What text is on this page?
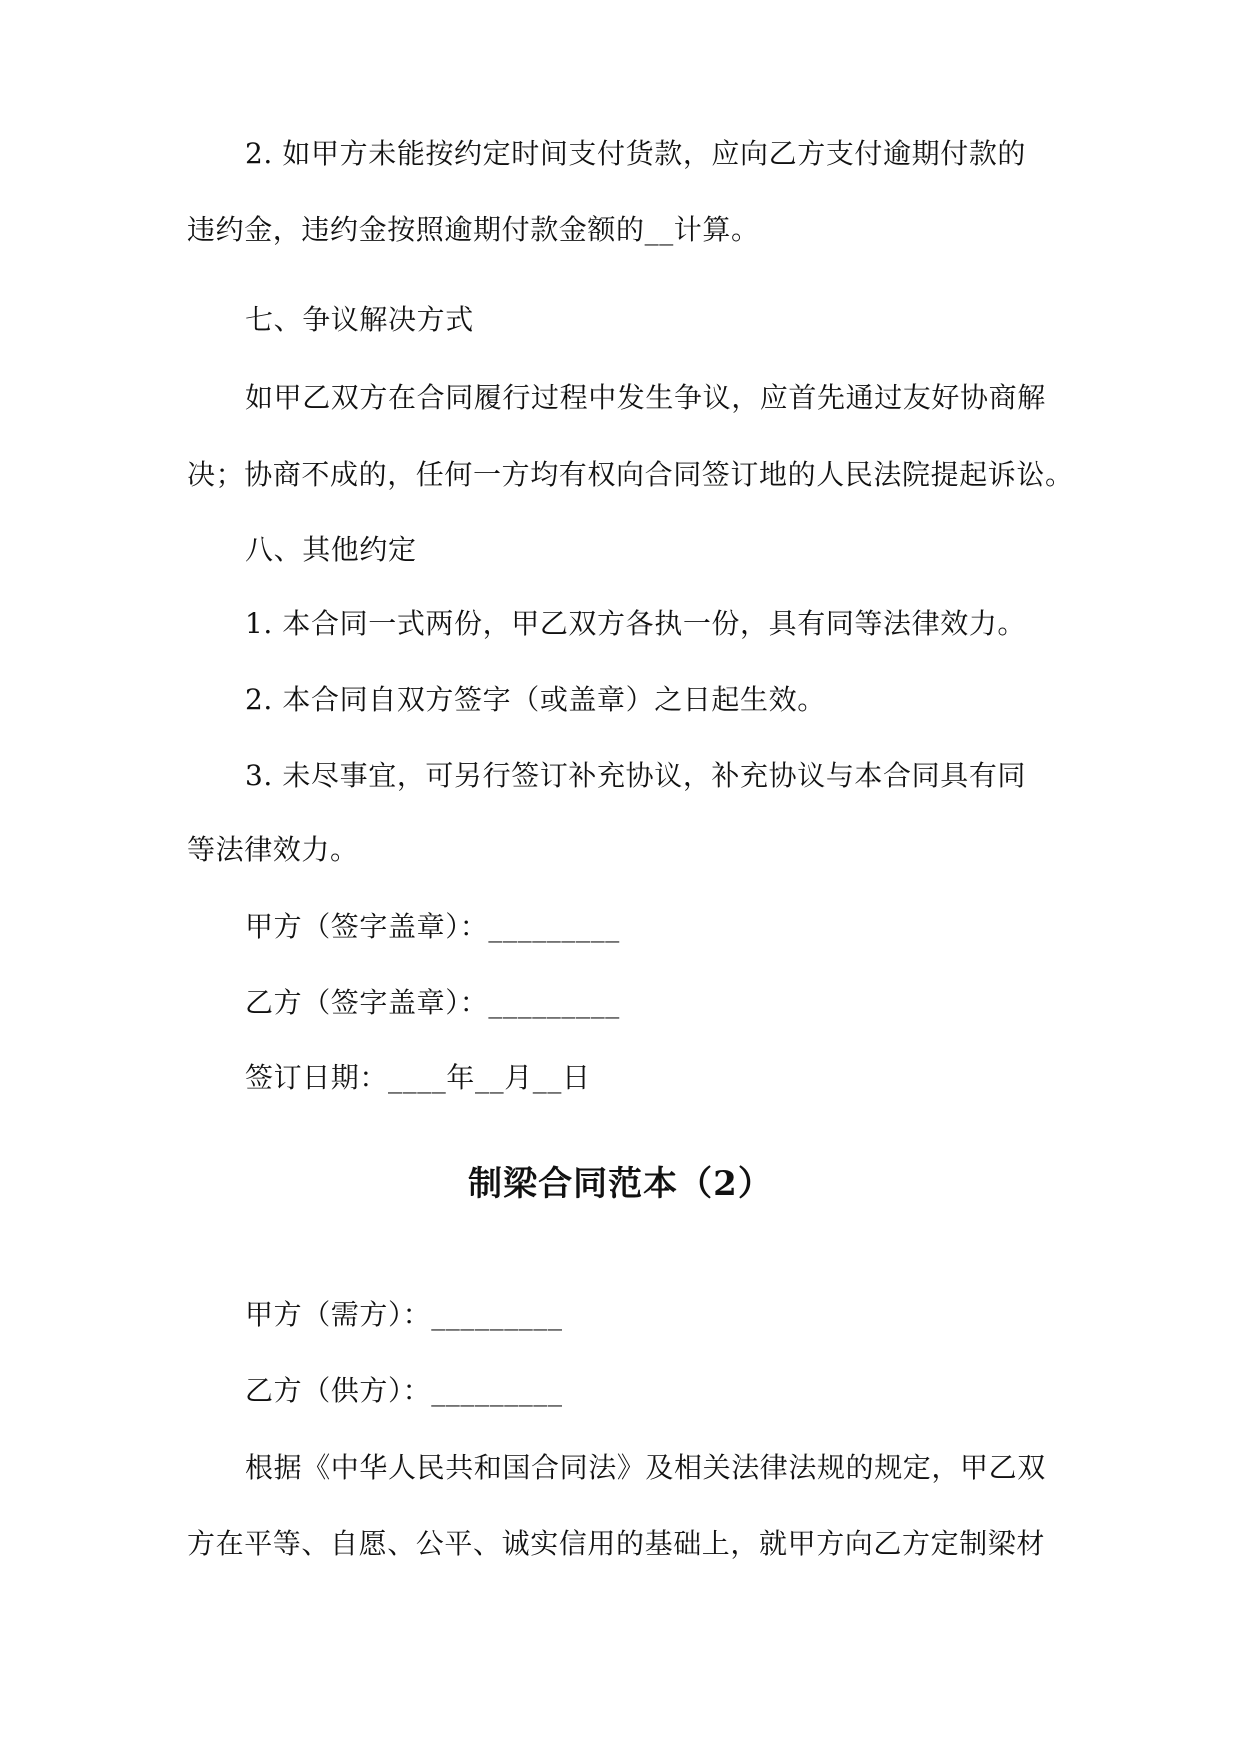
2. 如甲方未能按约定时间支付货款，应向乙方支付逾期付款的
违约金，违约金按照逾期付款金额的__计算。
七、争议解决方式
如甲乙双方在合同履行过程中发生争议，应首先通过友好协商解
决；协商不成的，任何一方均有权向合同签订地的人民法院提起诉讼。
八、其他约定
1. 本合同一式两份，甲乙双方各执一份，具有同等法律效力。
2. 本合同自双方签字（或盖章）之日起生效。
3. 未尽事宜，可另行签订补充协议，补充协议与本合同具有同
等法律效力。
甲方（签字盖章）：_________
乙方（签字盖章）：_________
签订日期：____年__月__日
制梁合同范本（2）
甲方（需方）：_________
乙方（供方）：_________
根据《中华人民共和国合同法》及相关法律法规的规定，甲乙双
方在平等、自愿、公平、诚实信用的基础上，就甲方向乙方定制梁材
